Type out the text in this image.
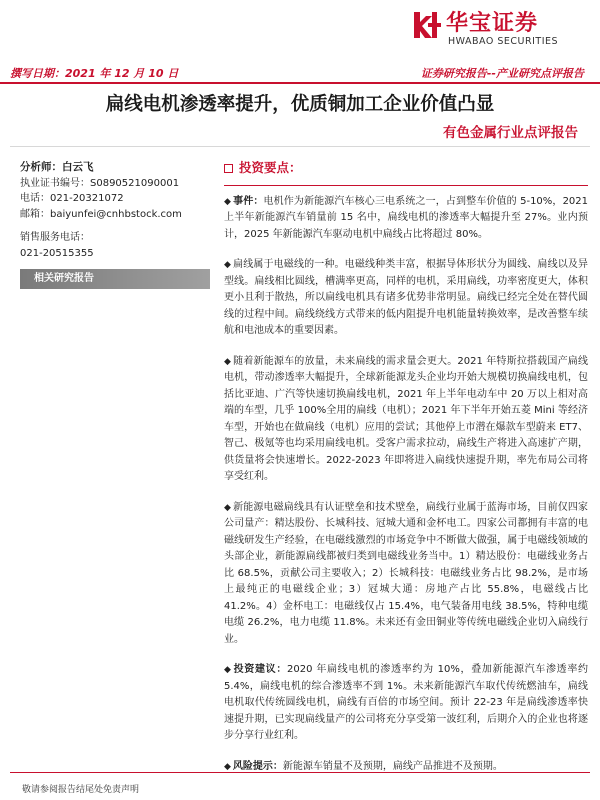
华宝证券
HWABAO SECURITIES
撰写日期：2021 年 12 月 10 日	证券研究报告--产业研究点评报告
扁线电机渗透率提升，优质铜加工企业价值凸显
有色金属行业点评报告
分析师：白云飞
执业证书编号：S0890521090001
电话：021-20321072
邮箱：baiyunfei@cnhbstock.com
销售服务电话：
021-20515355
相关研究报告
投资要点：

◆ 事件：电机作为新能源汽车核心三电系统之一，占到整车价值的 5-10%，2021 上半年新能源汽车销量前 15 名中，扁线电机的渗透率大幅提升至 27%。业内预计，2025 年新能源汽车驱动电机中扁线占比将超过 80%。

◆ 扁线属于电磁线的一种。电磁线种类丰富，根据导体形状分为圆线、扁线以及异型线。扁线相比圆线，槽满率更高，同样的电机，采用扁线，功率密度更大，体积更小且利于散热，所以扁线电机具有诸多优势非常明显。扁线已经完全处在替代圆线的过程中间。扁线绕线方式带来的低内阻提升电机能量转换效率，是改善整车续航和电池成本的重要因素。

◆ 随着新能源车的放量，未来扁线的需求量会更大。2021 年特斯拉搭载国产扁线电机，带动渗透率大幅提升，全球新能源龙头企业均开始大规模切换扁线电机，包括比亚迪、广汽等快速切换扁线电机，2021 年上半年电动车中 20 万以上相对高端的车型，几乎 100%全用的扁线（电机）；2021 年下半年开始五菱 Mini 等经济车型，开始也在做扁线（电机）应用的尝试；其他停上市潜在爆款车型蔚来 ET7、智己、极氪等也均采用扁线电机。受客户需求拉动，扁线生产将进入高速扩产期，供货量将会快速增长。2022-2023 年即将进入扁线快速提升期，率先布局公司将享受红利。

◆ 新能源电磁扁线具有认证壁垒和技术壁垒，扁线行业属于蓝海市场，目前仅四家公司量产：精达股份、长城科技、冠城大通和金杯电工。四家公司都拥有丰富的电磁线研发生产经验，在电磁线激烈的市场竞争中不断做大做强，属于电磁线领域的头部企业，新能源扁线都被归类到电磁线业务当中。1）精达股份：电磁线业务占比 68.5%，贡献公司主要收入；2）长城科技：电磁线业务占比 98.2%，是市场上最纯正的电磁线企业；3）冠城大通：房地产占比 55.8%，电磁线占比 41.2%。4）金杯电工：电磁线仅占 15.4%，电气装备用电线 38.5%，特种电缆电缆 26.2%，电力电缆 11.8%。未来还有金田铜业等传统电磁线企业切入扁线行业。

◆ 投资建议：2020 年扁线电机的渗透率约为 10%，叠加新能源汽车渗透率约 5.4%，扁线电机的综合渗透率不到 1%。未来新能源汽车取代传统燃油车，扁线电机取代传统圆线电机，扁线有百倍的市场空间。预计 22-23 年是扁线渗透率快速提升期，已实现扁线量产的公司将充分享受第一波红利，后期介入的企业也将逐步分享行业红利。

◆ 风险提示：新能源车销量不及预期，扁线产品推进不及预期。

敬请参阅报告结尾处免责声明
